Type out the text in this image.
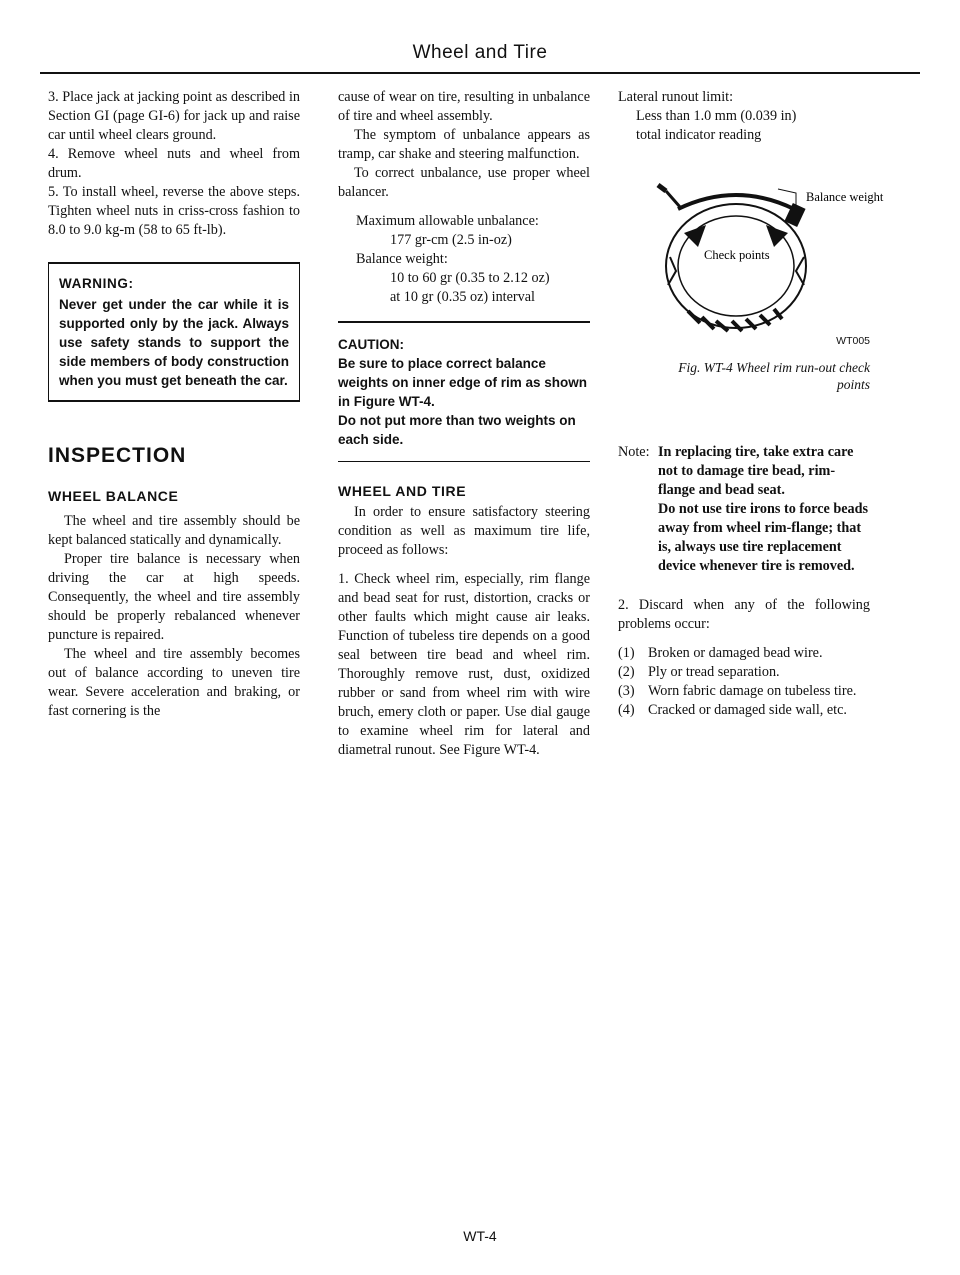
Wheel and Tire

3. Place jack at jacking point as described in Section GI (page GI-6) for jack up and raise car until wheel clears ground.

4. Remove wheel nuts and wheel from drum.

5. To install wheel, reverse the above steps. Tighten wheel nuts in criss-cross fashion to 8.0 to 9.0 kg-m (58 to 65 ft-lb).

WARNING:
Never get under the car while it is supported only by the jack. Always use safety stands to support the side members of body construction when you must get beneath the car.
INSPECTION
WHEEL BALANCE

The wheel and tire assembly should be kept balanced statically and dynamically.

Proper tire balance is necessary when driving the car at high speeds. Consequently, the wheel and tire assembly should be properly rebalanced whenever puncture is repaired.

The wheel and tire assembly becomes out of balance according to uneven tire wear. Severe acceleration and braking, or fast cornering is the

cause of wear on tire, resulting in unbalance of tire and wheel assembly.

The symptom of unbalance appears as tramp, car shake and steering malfunction.

To correct unbalance, use proper wheel balancer.

Maximum allowable unbalance:
177 gr-cm (2.5 in-oz)
Balance weight:
10 to 60 gr (0.35 to 2.12 oz)
at 10 gr (0.35 oz) interval
CAUTION:
Be sure to place correct balance weights on inner edge of rim as shown in Figure WT-4.
Do not put more than two weights on each side.
WHEEL AND TIRE

In order to ensure satisfactory steering condition as well as maximum tire life, proceed as follows:

1. Check wheel rim, especially, rim flange and bead seat for rust, distortion, cracks or other faults which might cause air leaks. Function of tubeless tire depends on a good seal between tire bead and wheel rim. Thoroughly remove rust, dust, oxidized rubber or sand from wheel rim with wire bruch, emery cloth or paper. Use dial gauge to examine wheel rim for lateral and diametral runout. See Figure WT-4.

Lateral runout limit:
Less than 1.0 mm (0.039 in)
total indicator reading
Balance weight
Check points
WT005
Fig. WT-4 Wheel rim run-out check
points
Note: In replacing tire, take extra care not to damage tire bead, rim-flange and bead seat.
Do not use tire irons to force beads away from wheel rim-flange; that is, always use tire replacement device whenever tire is removed.

2. Discard when any of the following problems occur:

(1) Broken or damaged bead wire.
(2) Ply or tread separation.
(3) Worn fabric damage on tubeless tire.
(4) Cracked or damaged side wall, etc.
WT-4
